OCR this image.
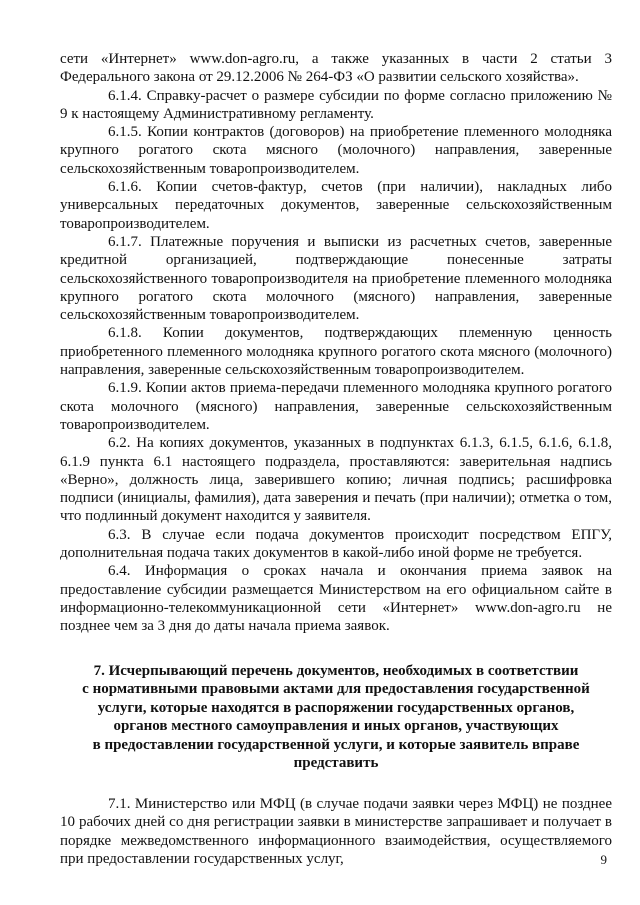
сети «Интернет» www.don-agro.ru, а также указанных в части 2 статьи 3 Федерального закона от 29.12.2006 № 264-ФЗ «О развитии сельского хозяйства».

6.1.4. Справку-расчет о размере субсидии по форме согласно приложению № 9 к настоящему Административному регламенту.

6.1.5. Копии контрактов (договоров) на приобретение племенного молодняка крупного рогатого скота мясного (молочного) направления, заверенные сельскохозяйственным товаропроизводителем.

6.1.6. Копии счетов-фактур, счетов (при наличии), накладных либо универсальных передаточных документов, заверенные сельскохозяйственным товаропроизводителем.

6.1.7. Платежные поручения и выписки из расчетных счетов, заверенные кредитной организацией, подтверждающие понесенные затраты сельскохозяйственного товаропроизводителя на приобретение племенного молодняка крупного рогатого скота молочного (мясного) направления, заверенные сельскохозяйственным товаропроизводителем.

6.1.8. Копии документов, подтверждающих племенную ценность приобретенного племенного молодняка крупного рогатого скота мясного (молочного) направления, заверенные сельскохозяйственным товаропроизводителем.

6.1.9. Копии актов приема-передачи племенного молодняка крупного рогатого скота молочного (мясного) направления, заверенные сельскохозяйственным товаропроизводителем.

6.2. На копиях документов, указанных в подпунктах 6.1.3, 6.1.5, 6.1.6, 6.1.8, 6.1.9 пункта 6.1 настоящего подраздела, проставляются: заверительная надпись «Верно», должность лица, заверившего копию; личная подпись; расшифровка подписи (инициалы, фамилия), дата заверения и печать (при наличии); отметка о том, что подлинный документ находится у заявителя.

6.3. В случае если подача документов происходит посредством ЕПГУ, дополнительная подача таких документов в какой-либо иной форме не требуется.

6.4. Информация о сроках начала и окончания приема заявок на предоставление субсидии размещается Министерством на его официальном сайте в информационно-телекоммуникационной сети «Интернет» www.don-agro.ru не позднее чем за 3 дня до даты начала приема заявок.

7. Исчерпывающий перечень документов, необходимых в соответствии
с нормативными правовыми актами для предоставления государственной
услуги, которые находятся в распоряжении государственных органов,
органов местного самоуправления и иных органов, участвующих
в предоставлении государственной услуги, и которые заявитель вправе
представить

7.1. Министерство или МФЦ (в случае подачи заявки через МФЦ) не позднее 10 рабочих дней со дня регистрации заявки в министерстве запрашивает и получает в порядке межведомственного информационного взаимодействия, осуществляемого при предоставлении государственных услуг,	9
